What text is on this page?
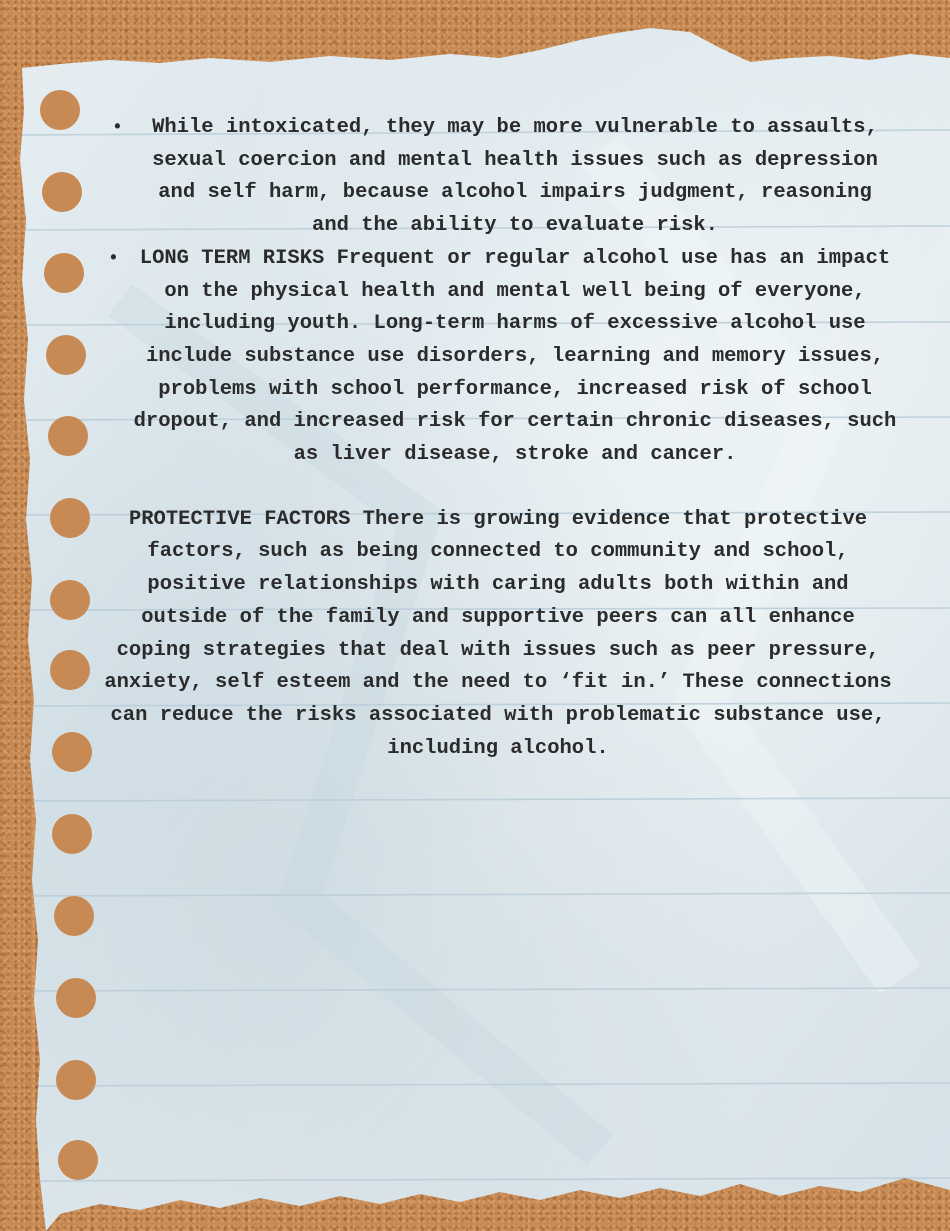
•	While intoxicated, they may be more vulnerable to assaults, sexual coercion and mental health issues such as depression and self harm, because alcohol impairs judgment, reasoning and the ability to evaluate risk.
•	LONG TERM RISKS Frequent or regular alcohol use has an impact on the physical health and mental well being of everyone, including youth. Long-term harms of excessive alcohol use include substance use disorders, learning and memory issues, problems with school performance, increased risk of school dropout, and increased risk for certain chronic diseases, such as liver disease, stroke and cancer.

PROTECTIVE FACTORS There is growing evidence that protective factors, such as being connected to community and school, positive relationships with caring adults both within and outside of the family and supportive peers can all enhance coping strategies that deal with issues such as peer pressure, anxiety, self esteem and the need to ‘fit in.’ These connections can reduce the risks associated with problematic substance use, including alcohol.
